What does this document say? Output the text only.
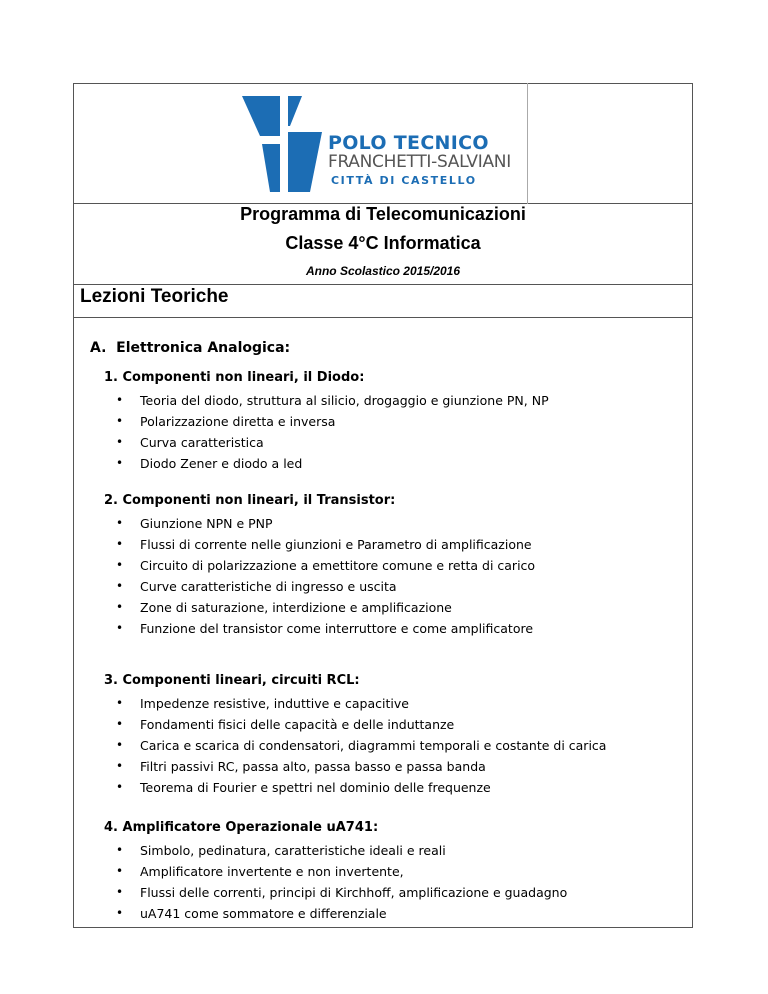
POLO TECNICO
FRANCHETTI-SALVIANI
CITTÀ DI CASTELLO
Programma di Telecomunicazioni
Classe 4°C Informatica
Anno Scolastico 2015/2016
Lezioni Teoriche
A. Elettronica Analogica:
1. Componenti non lineari, il Diodo:
• Teoria del diodo, struttura al silicio, drogaggio e giunzione PN, NP
• Polarizzazione diretta e inversa
• Curva caratteristica
• Diodo Zener e diodo a led
2. Componenti non lineari, il Transistor:
• Giunzione NPN e PNP
• Flussi di corrente nelle giunzioni e Parametro di amplificazione
• Circuito di polarizzazione a emettitore comune e retta di carico
• Curve caratteristiche di ingresso e uscita
• Zone di saturazione, interdizione e amplificazione
• Funzione del transistor come interruttore e come amplificatore
3. Componenti lineari, circuiti RCL:
• Impedenze resistive, induttive e capacitive
• Fondamenti fisici delle capacità e delle induttanze
• Carica e scarica di condensatori, diagrammi temporali e costante di carica
• Filtri passivi RC, passa alto, passa basso e passa banda
• Teorema di Fourier e spettri nel dominio delle frequenze
4. Amplificatore Operazionale uA741:
• Simbolo, pedinatura, caratteristiche ideali e reali
• Amplificatore invertente e non invertente,
• Flussi delle correnti, principi di Kirchhoff, amplificazione e guadagno
• uA741 come sommatore e differenziale
